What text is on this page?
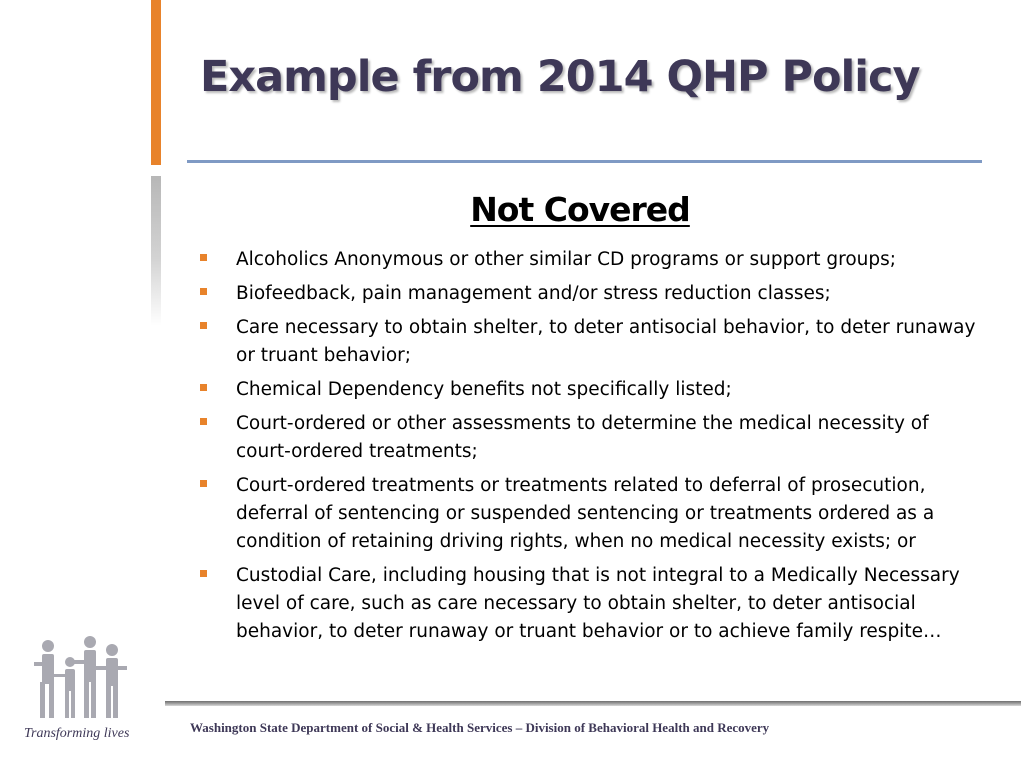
Example from 2014 QHP Policy
Not Covered
Alcoholics Anonymous or other similar CD programs or support groups;
Biofeedback, pain management and/or stress reduction classes;
Care necessary to obtain shelter, to deter antisocial behavior, to deter runaway or truant behavior;
Chemical Dependency benefits not specifically listed;
Court-ordered or other assessments to determine the medical necessity of court-ordered treatments;
Court-ordered treatments or treatments related to deferral of prosecution, deferral of sentencing or suspended sentencing or treatments ordered as a condition of retaining driving rights, when no medical necessity exists; or
Custodial Care, including housing that is not integral to a Medically Necessary level of care, such as care necessary to obtain shelter, to deter antisocial behavior, to deter runaway or truant behavior or to achieve family respite…
Transforming lives	Washington State Department of Social & Health Services – Division of Behavioral Health and Recovery
